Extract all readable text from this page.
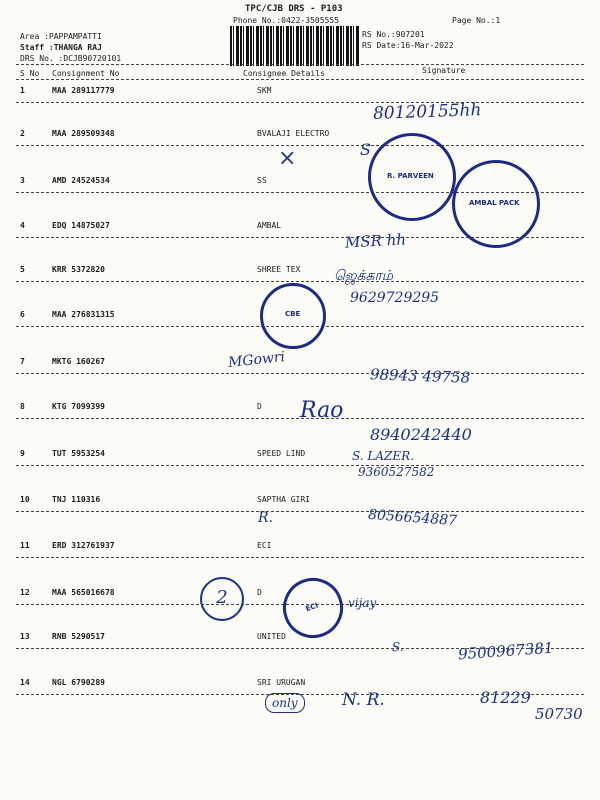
TPC/CJB DRS - P103
Phone No.:0422-3505555	Page No.:1
Area :PAPPAMPATTI
Staff :THANGA RAJ
DRS No. :DCJB90720101
RS No.:907201
RS Date:16-Mar-2022
S No Consignment No	Consignee Details	Signature
1	MAA 289117779	SKM
2	MAA 289509348	BVALAJI ELECTRO
3	AMD 24524534	SS
4	EDQ 14875027	AMBAL
5	KRR 5372820	SHREE TEX
6	MAA 276831315
7	MKTG 160267
8	KTG 7099399	D
9	TUT 5953254	SPEED LIND
10	TNJ 110316	SAPTHA GIRI
11	ERD 312761937	ECI
12	MAA 565016678	D
13	RNB 5290517	UNITED
14	NGL 6790289	SRI URUGAN
80120155hh
×	S
MSR hh
ஜெக்காம்
9629729295
MGowri
98943 49758
Rao
8940242440
S. LAZER.
9360527582
R.	8056654887
2	vijay
S.	9500967381
only	N. R.	81229
50730
R. PARVEEN
AMBAL PACK
CBE
ECI
